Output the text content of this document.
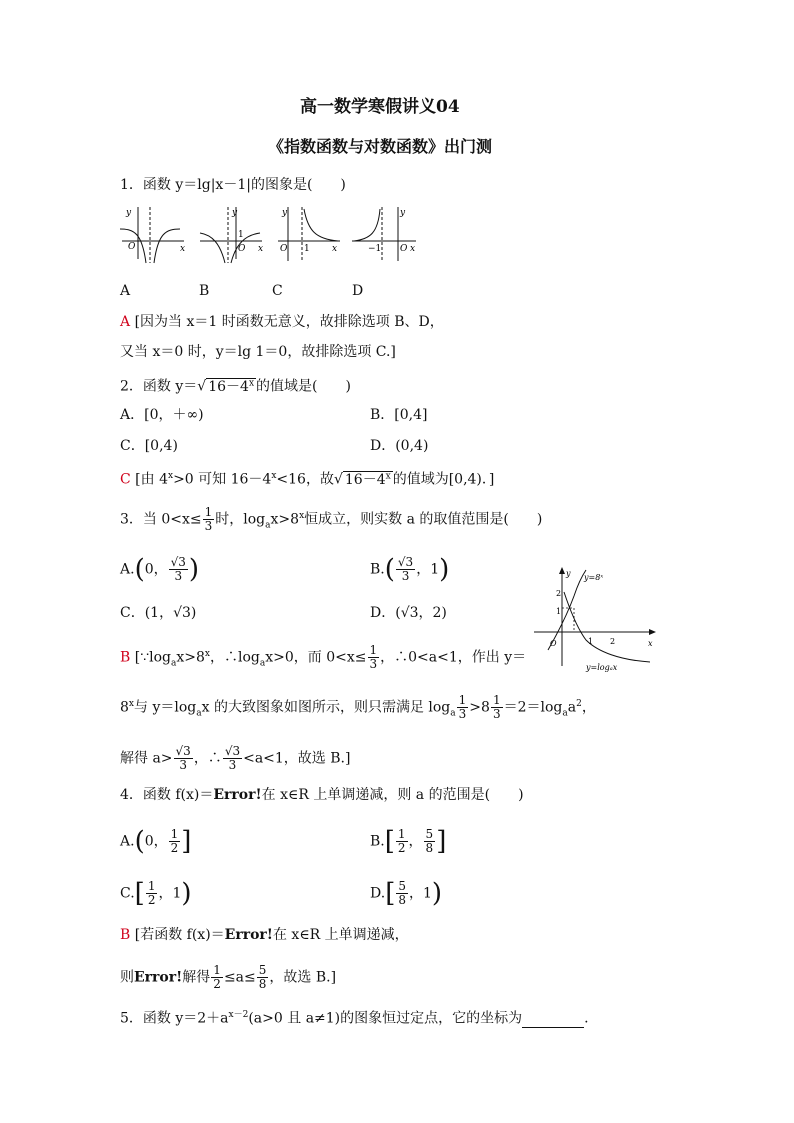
高一数学寒假讲义04
《指数函数与对数函数》出门测
1．函数 y＝lg|x－1|的图象是(　　)
y
O	x
y
1
O x
y
O 1 x
y
−1 O x
A	B	C	D
A [因为当 x＝1 时函数无意义，故排除选项 B、D，
又当 x＝0 时，y＝lg 1＝0，故排除选项 C.]
2．函数 y＝√ $16-4^x$ 的值域是(　　)
A．[0，＋∞)	B．[0,4]
C．[0,4)	D．(0,4)
C [由 $4^x>0$ 可知 $16-4^x<16$，故√ $16-4^x$ 的值域为[0,4)．]
3．当 $0<x\le \frac{1}{3}$ 时，$\log_ax>8^x$恒成立，则实数 a 的取值范围是(　　)
A.(0， $\frac{√3}{3}$ )	$B.( \frac{√3}{3}$ ，1)
C．(1，√3)	D．(√3，2)
y y=8ˣ
2
1
1 2
O	x
y=logₐx
B [$\because\log_ax>8^x$，$\therefore\log_ax>0$，而 $0<x\le \frac{1}{3}$ ，∴0<a<1，作出 y＝
$8^x$与 $y=\log_ax$ 的大致图象如图所示，则只需满足 $\log_a \frac{1}{3} >8 \frac{1}{3} =2=\log_aa^2$，
解得 $a> \frac{√3}{3}$ ，∴ $\frac{√3}{3} <a<1$，故选 B.]
4．函数 f(x)＝Error!在 x∈R 上单调递减，则 a 的范围是(　　)
A.(0， $\frac{1}{2}$ ]	$B.[ \frac{1}{2}$ ， $\frac{5}{8}$ ]
$C.[ \frac{1}{2}$ ，1)	$D.[ \frac{5}{8}$ ，1)
B [若函数 f(x)＝Error!在 x∈R 上单调递减，
则Error!解得 $\frac{1}{2} \le a\le \frac{5}{8}$ ，故选 B.]
5．函数 $y=2+a^{x-2}(a>0$ 且 a≠1)的图象恒过定点，它的坐标为	.
